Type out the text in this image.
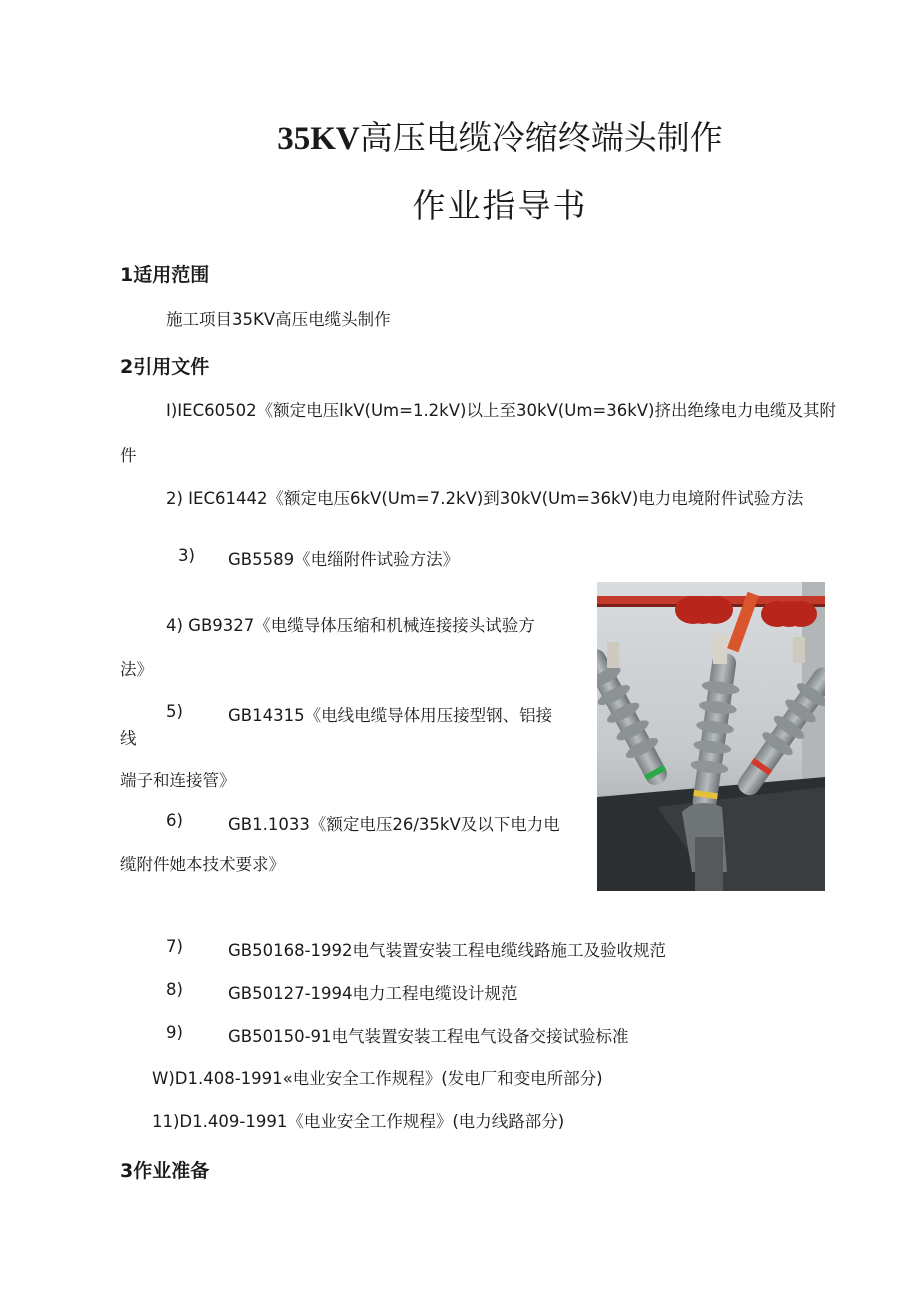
35KV高压电缆冷缩终端头制作
作业指导书
1适用范围
施工项目35KV高压电缆头制作
2引用文件
I)IEC60502《额定电压lkV(Um=1.2kV)以上至30kV(Um=36kV)挤出绝缘电力电缆及其附
件
2) IEC61442《额定电压6kV(Um=7.2kV)到30kV(Um=36kV)电力电境附件试验方法
3) GB5589《电缁附件试验方法》
4) GB9327《电缆导体压缩和机械连接接头试验方
法》
5)	GB14315《电线电缆导体用压接型钢、铝接
线
端子和连接管》
6)	GB1.1033《额定电压26∕35kV及以下电力电
缆附件她本技术要求》
7)	GB50168-1992电气装置安装工程电缆线路施工及验收规范
8)	GB50127-1994电力工程电缆设计规范
9)	GB50150-91电气装置安装工程电气设备交接试验标准
W)D1.408-1991«电业安全工作规程》(发电厂和变电所部分)
11)D1.409-1991《电业安全工作规程》(电力线路部分)
3作业准备
